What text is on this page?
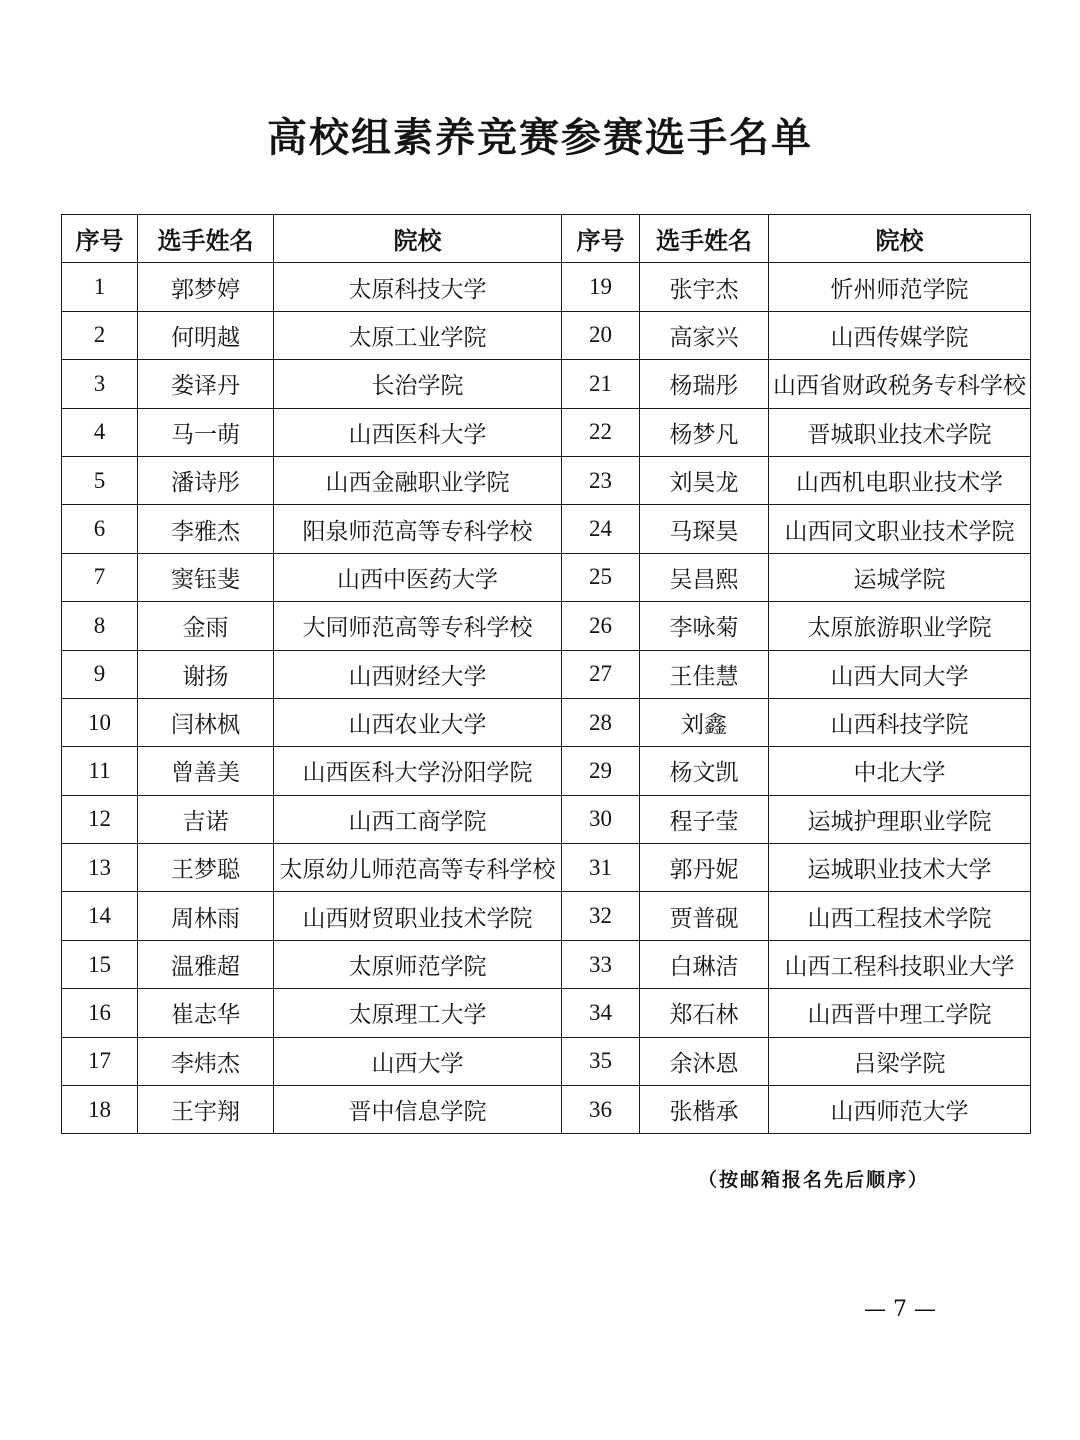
高校组素养竞赛参赛选手名单
序号	选手姓名	院校	序号	选手姓名	院校
1	郭梦婷	太原科技大学	19	张宇杰	忻州师范学院
2	何明越	太原工业学院	20	高家兴	山西传媒学院
3	娄译丹	长治学院	21	杨瑞彤	山西省财政税务专科学校
4	马一萌	山西医科大学	22	杨梦凡	晋城职业技术学院
5	潘诗彤	山西金融职业学院	23	刘昊龙	山西机电职业技术学
6	李雅杰	阳泉师范高等专科学校	24	马琛昊	山西同文职业技术学院
7	窦钰斐	山西中医药大学	25	吴昌熙	运城学院
8	金雨	大同师范高等专科学校	26	李咏菊	太原旅游职业学院
9	谢扬	山西财经大学	27	王佳慧	山西大同大学
10	闫林枫	山西农业大学	28	刘鑫	山西科技学院
11	曾善美	山西医科大学汾阳学院	29	杨文凯	中北大学
12	吉诺	山西工商学院	30	程子莹	运城护理职业学院
13	王梦聪	太原幼儿师范高等专科学校	31	郭丹妮	运城职业技术大学
14	周林雨	山西财贸职业技术学院	32	贾普砚	山西工程技术学院
15	温雅超	太原师范学院	33	白琳洁	山西工程科技职业大学
16	崔志华	太原理工大学	34	郑石林	山西晋中理工学院
17	李炜杰	山西大学	35	余沐恩	吕梁学院
18	王宇翔	晋中信息学院	36	张楷承	山西师范大学
（按邮箱报名先后顺序）
— 7 —
